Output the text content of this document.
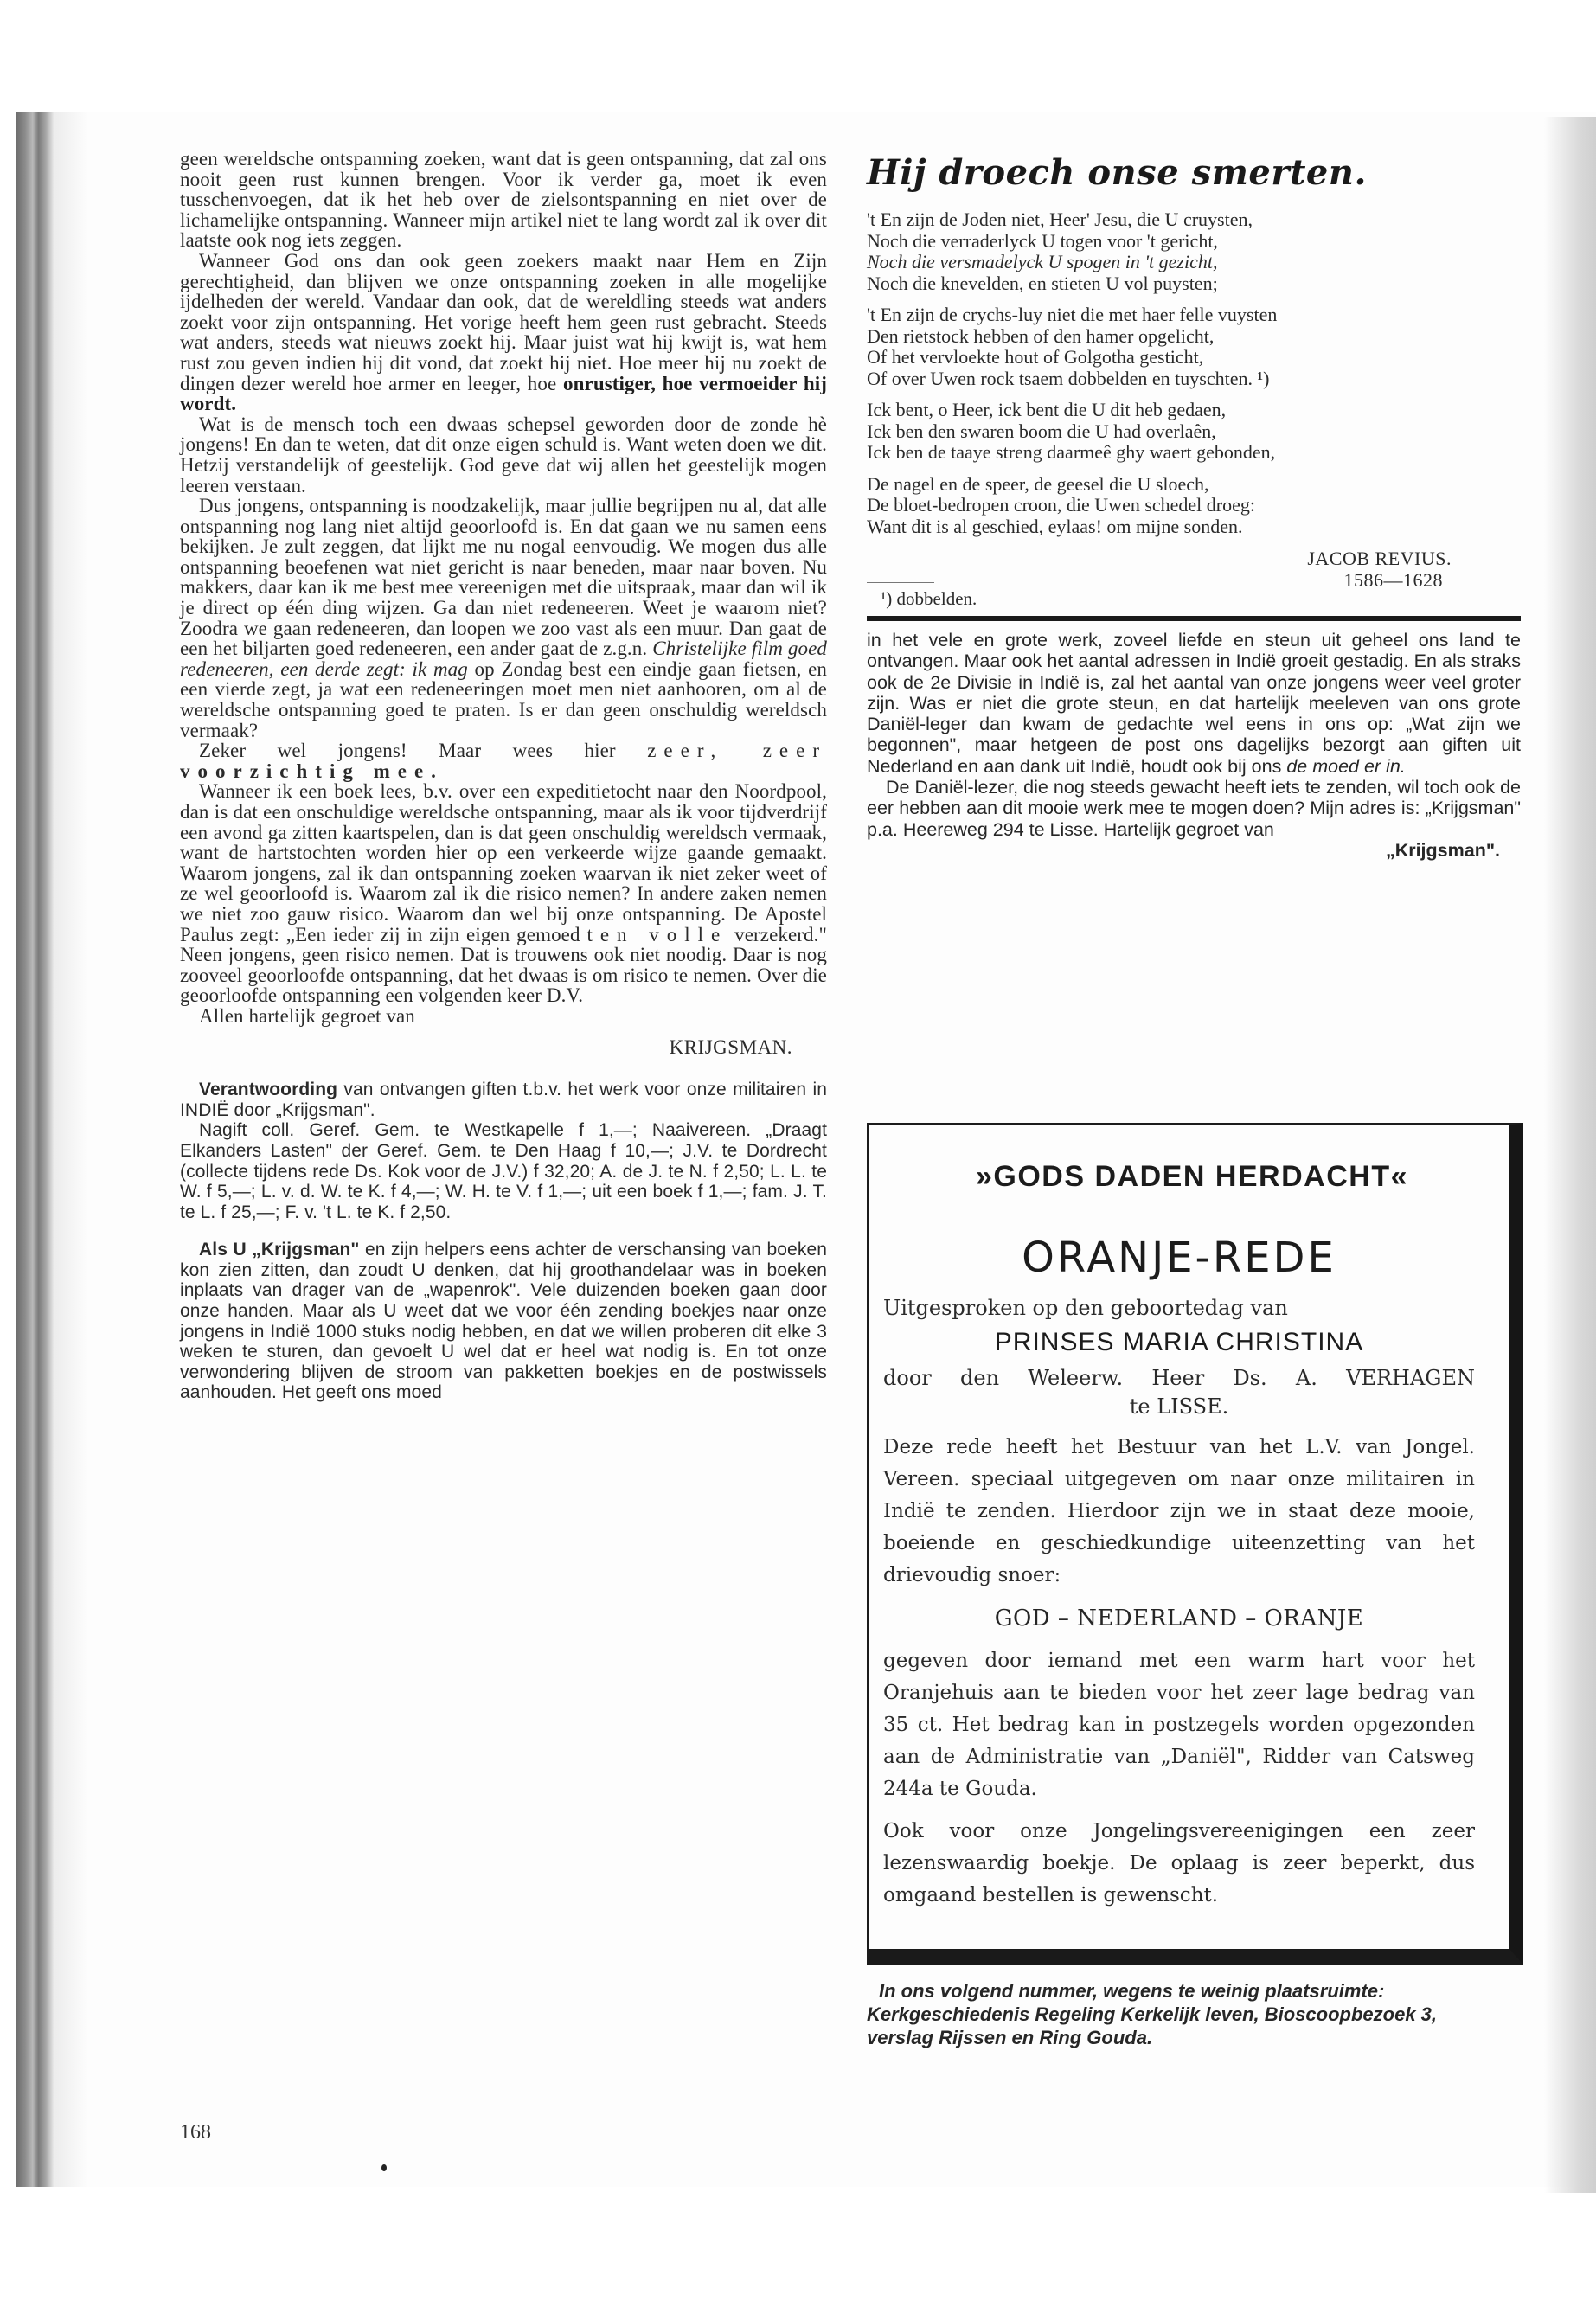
geen wereldsche ontspanning zoeken, want dat is geen ontspanning, dat zal ons nooit geen rust kunnen brengen. Voor ik verder ga, moet ik even tusschenvoegen, dat ik het heb over de zielsontspanning en niet over de lichamelijke ontspanning. Wanneer mijn artikel niet te lang wordt zal ik over dit laatste ook nog iets zeggen.

Wanneer God ons dan ook geen zoekers maakt naar Hem en Zijn gerechtigheid, dan blijven we onze ontspanning zoeken in alle mogelijke ijdelheden der wereld. Vandaar dan ook, dat de wereldling steeds wat anders zoekt voor zijn ontspanning. Het vorige heeft hem geen rust gebracht. Steeds wat anders, steeds wat nieuws zoekt hij. Maar juist wat hij kwijt is, wat hem rust zou geven indien hij dit vond, dat zoekt hij niet. Hoe meer hij nu zoekt de dingen dezer wereld hoe armer en leeger, hoe onrustiger, hoe vermoeider hij wordt.

Wat is de mensch toch een dwaas schepsel geworden door de zonde hè jongens! En dan te weten, dat dit onze eigen schuld is. Want weten doen we dit. Hetzij verstandelijk of geestelijk. God geve dat wij allen het geestelijk mogen leeren verstaan.

Dus jongens, ontspanning is noodzakelijk, maar jullie begrijpen nu al, dat alle ontspanning nog lang niet altijd geoorloofd is. En dat gaan we nu samen eens bekijken. Je zult zeggen, dat lijkt me nu nogal eenvoudig. We mogen dus alle ontspanning beoefenen wat niet gericht is naar beneden, maar naar boven. Nu makkers, daar kan ik me best mee vereenigen met die uitspraak, maar dan wil ik je direct op één ding wijzen. Ga dan niet redeneeren. Weet je waarom niet? Zoodra we gaan redeneeren, dan loopen we zoo vast als een muur. Dan gaat de een het biljarten goed redeneeren, een ander gaat de z.g.n. Christelijke film goed redeneeren, een derde zegt: ik mag op Zondag best een eindje gaan fietsen, en een vierde zegt, ja wat een redeneeringen moet men niet aanhooren, om al de wereldsche ontspanning goed te praten. Is er dan geen onschuldig wereldsch vermaak?

Zeker wel jongens! Maar wees hier zeer, zeer voorzichtig mee.

Wanneer ik een boek lees, b.v. over een expeditietocht naar den Noordpool, dan is dat een onschuldige wereldsche ontspanning, maar als ik voor tijdverdrijf een avond ga zitten kaartspelen, dan is dat geen onschuldig wereldsch vermaak, want de hartstochten worden hier op een verkeerde wijze gaande gemaakt. Waarom jongens, zal ik dan ontspanning zoeken waarvan ik niet zeker weet of ze wel geoorloofd is. Waarom zal ik die risico nemen? In andere zaken nemen we niet zoo gauw risico. Waarom dan wel bij onze ontspanning. De Apostel Paulus zegt: „Een ieder zij in zijn eigen gemoed ten volle verzekerd." Neen jongens, geen risico nemen. Dat is trouwens ook niet noodig. Daar is nog zooveel geoorloofde ontspanning, dat het dwaas is om risico te nemen. Over die geoorloofde ontspanning een volgenden keer D.V.

Allen hartelijk gegroet van

KRIJGSMAN.

Verantwoording van ontvangen giften t.b.v. het werk voor onze militairen in INDIË door „Krijgsman".

Nagift coll. Geref. Gem. te Westkapelle f 1,—; Naaivereen. „Draagt Elkanders Lasten" der Geref. Gem. te Den Haag f 10,—; J.V. te Dordrecht (collecte tijdens rede Ds. Kok voor de J.V.) f 32,20; A. de J. te N. f 2,50; L. L. te W. f 5,—; L. v. d. W. te K. f 4,—; W. H. te V. f 1,—; uit een boek f 1,—; fam. J. T. te L. f 25,—; F. v. 't L. te K. f 2,50.

Als U „Krijgsman" en zijn helpers eens achter de verschansing van boeken kon zien zitten, dan zoudt U denken, dat hij groothandelaar was in boeken inplaats van drager van de „wapenrok". Vele duizenden boeken gaan door onze handen. Maar als U weet dat we voor één zending boekjes naar onze jongens in Indië 1000 stuks nodig hebben, en dat we willen proberen dit elke 3 weken te sturen, dan gevoelt U wel dat er heel wat nodig is. En tot onze verwondering blijven de stroom van pakketten boekjes en de postwissels aanhouden. Het geeft ons moed

168
Hij droech onse smerten.
't En zijn de Joden niet, Heer' Jesu, die U cruysten,
Noch die verraderlyck U togen voor 't gericht,
Noch die versmadelyck U spogen in 't gezicht,
Noch die knevelden, en stieten U vol puysten;
't En zijn de crychs-luy niet die met haer felle vuysten
Den rietstock hebben of den hamer opgelicht,
Of het vervloekte hout of Golgotha gesticht,
Of over Uwen rock tsaem dobbelden en tuyschten. ¹)
Ick bent, o Heer, ick bent die U dit heb gedaen,
Ick ben den swaren boom die U had overlaên,
Ick ben de taaye streng daarmeê ghy waert gebonden,
De nagel en de speer, de geesel die U sloech,
De bloet-bedropen croon, die Uwen schedel droeg:
Want dit is al geschied, eylaas! om mijne sonden.
JACOB REVIUS.
1586—1628
¹) dobbelden.

in het vele en grote werk, zoveel liefde en steun uit geheel ons land te ontvangen. Maar ook het aantal adressen in Indië groeit gestadig. En als straks ook de 2e Divisie in Indië is, zal het aantal van onze jongens weer veel groter zijn. Was er niet die grote steun, en dat hartelijk meeleven van ons grote Daniël-leger dan kwam de gedachte wel eens in ons op: „Wat zijn we begonnen", maar hetgeen de post ons dagelijks bezorgt aan giften uit Nederland en aan dank uit Indië, houdt ook bij ons de moed er in.

De Daniël-lezer, die nog steeds gewacht heeft iets te zenden, wil toch ook de eer hebben aan dit mooie werk mee te mogen doen? Mijn adres is: „Krijgsman" p.a. Heereweg 294 te Lisse. Hartelijk gegroet van

„Krijgsman".
»GODS DADEN HERDACHT«
ORANJE-REDE
Uitgesproken op den geboortedag van
PRINSES MARIA CHRISTINA
door den Weleerw. Heer Ds. A. VERHAGEN
te LISSE.

Deze rede heeft het Bestuur van het L.V. van Jongel. Vereen. speciaal uitgegeven om naar onze militairen in Indië te zenden. Hierdoor zijn we in staat deze mooie, boeiende en geschiedkundige uiteenzetting van het drievoudig snoer:

GOD – NEDERLAND – ORANJE

gegeven door iemand met een warm hart voor het Oranjehuis aan te bieden voor het zeer lage bedrag van 35 ct. Het bedrag kan in postzegels worden opgezonden aan de Administratie van „Daniël", Ridder van Catsweg 244a te Gouda.

Ook voor onze Jongelingsvereenigingen een zeer lezenswaardig boekje. De oplaag is zeer beperkt, dus omgaand bestellen is gewenscht.

In ons volgend nummer, wegens te weinig plaatsruimte:
Kerkgeschiedenis Regeling Kerkelijk leven, Bioscoopbezoek 3,
verslag Rijssen en Ring Gouda.
